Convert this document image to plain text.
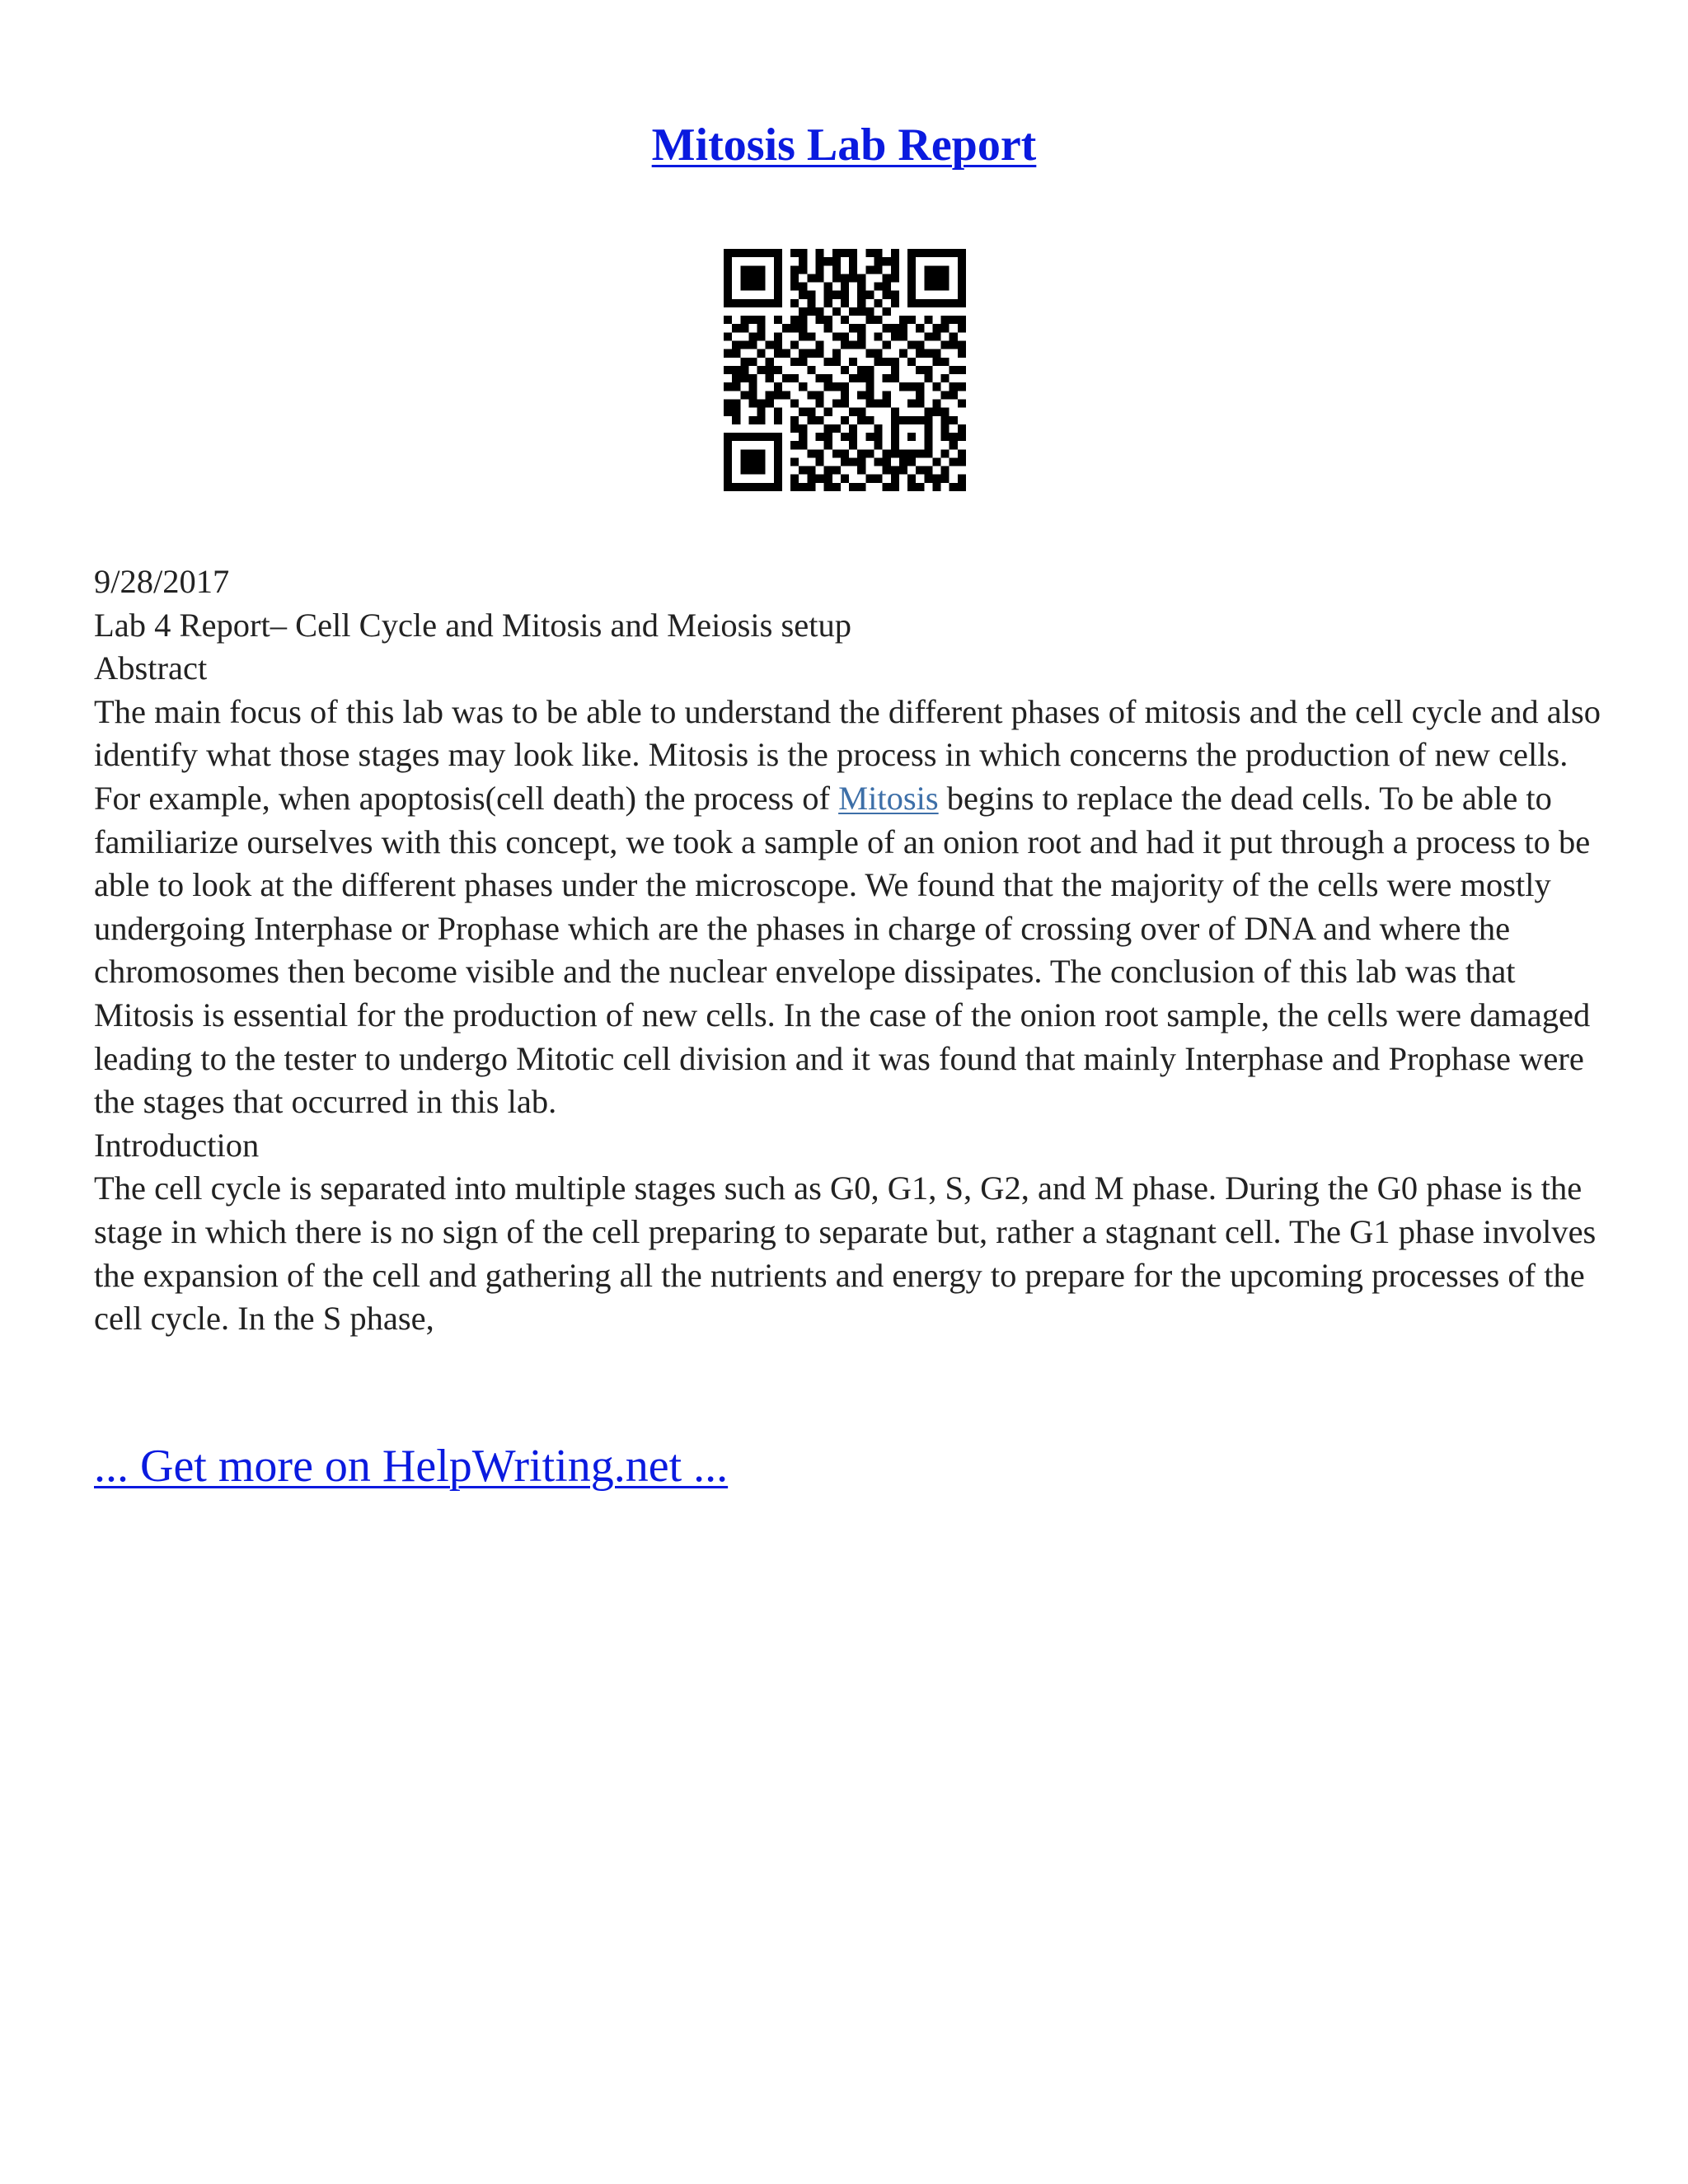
Mitosis Lab Report

9/28/2017

Lab 4 Report– Cell Cycle and Mitosis and Meiosis setup

Abstract

The main focus of this lab was to be able to understand the different phases of mitosis and the cell cycle and also identify what those stages may look like. Mitosis is the process in which concerns the production of new cells. For example, when apoptosis(cell death) the process of Mitosis begins to replace the dead cells. To be able to familiarize ourselves with this concept, we took a sample of an onion root and had it put through a process to be able to look at the different phases under the microscope. We found that the majority of the cells were mostly undergoing Interphase or Prophase which are the phases in charge of crossing over of DNA and where the chromosomes then become visible and the nuclear envelope dissipates. The conclusion of this lab was that Mitosis is essential for the production of new cells. In the case of the onion root sample, the cells were damaged leading to the tester to undergo Mitotic cell division and it was found that mainly Interphase and Prophase were the stages that occurred in this lab.

Introduction

The cell cycle is separated into multiple stages such as G0, G1, S, G2, and M phase. During the G0 phase is the stage in which there is no sign of the cell preparing to separate but, rather a stagnant cell. The G1 phase involves the expansion of the cell and gathering all the nutrients and energy to prepare for the upcoming processes of the cell cycle. In the S phase,

... Get more on HelpWriting.net ...
